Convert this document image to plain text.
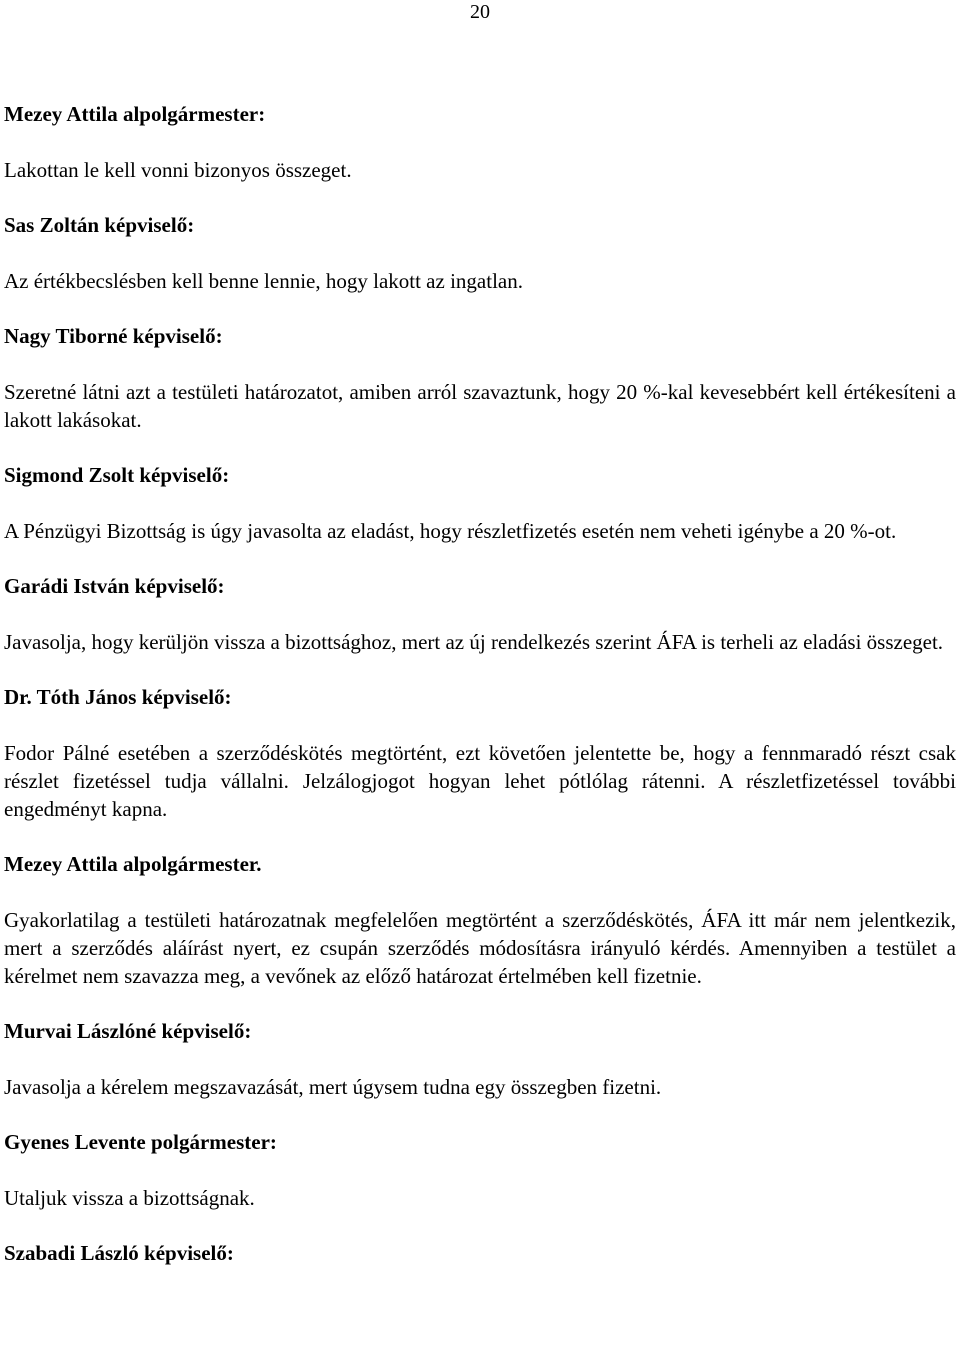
20

Mezey Attila alpolgármester:

Lakottan le kell vonni bizonyos összeget.

Sas Zoltán képviselő:

Az értékbecslésben kell benne lennie, hogy lakott az ingatlan.

Nagy Tiborné képviselő:

Szeretné látni azt a testületi határozatot, amiben arról szavaztunk, hogy 20 %-kal kevesebbért kell értékesíteni a lakott lakásokat.

Sigmond Zsolt képviselő:

A Pénzügyi Bizottság is úgy javasolta az eladást, hogy részletfizetés esetén nem veheti igénybe a 20 %-ot.

Garádi István képviselő:

Javasolja, hogy kerüljön vissza a bizottsághoz, mert az új rendelkezés szerint ÁFA is terheli az eladási összeget.

Dr. Tóth János képviselő:

Fodor Pálné esetében a szerződéskötés megtörtént, ezt követően jelentette be, hogy a fennmaradó részt csak részlet fizetéssel tudja vállalni. Jelzálogjogot hogyan lehet pótlólag rátenni. A részletfizetéssel további engedményt kapna.

Mezey Attila alpolgármester.

Gyakorlatilag a testületi határozatnak megfelelően megtörtént a szerződéskötés, ÁFA itt már nem jelentkezik, mert a szerződés aláírást nyert, ez csupán szerződés módosításra irányuló kérdés. Amennyiben a testület a kérelmet nem szavazza meg, a vevőnek az előző határozat értelmében kell fizetnie.

Murvai Lászlóné képviselő:

Javasolja a kérelem megszavazását, mert úgysem tudna egy összegben fizetni.

Gyenes Levente polgármester:

Utaljuk vissza a bizottságnak.

Szabadi László képviselő:
